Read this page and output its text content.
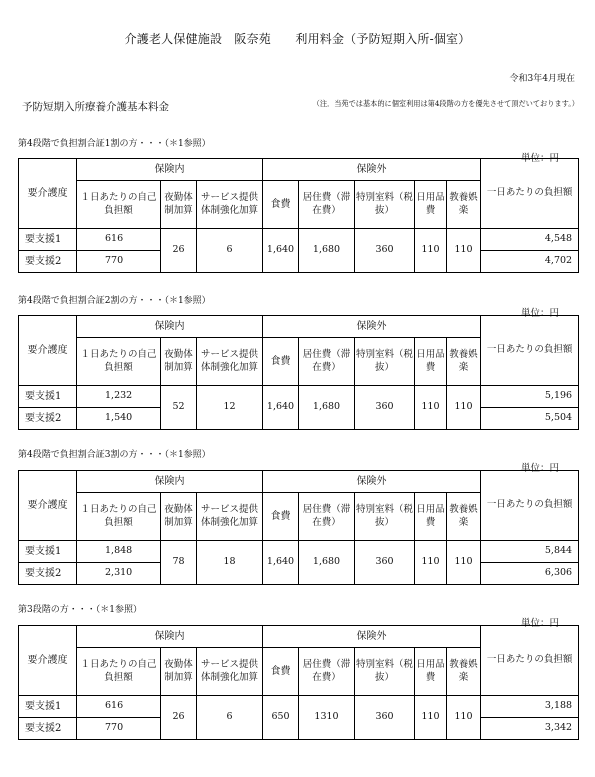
介護老人保健施設　阪奈苑　　利用料金（予防短期入所-個室）
令和3年4月現在
予防短期入所療養介護基本料金	（注．当苑では基本的に個室利用は第4段階の方を優先させて頂だいております。）
第4段階で負担割合証1割の方・・・（＊1参照）
単位：円
要介護度	保険内			保険外					一日あたりの負担額
	１日あたりの自己負担額	夜勤体制加算	サービス提供体制強化加算	食費	居住費（滞在費）	特別室料（税抜）	日用品費	教養娯楽	
要支援1	616	26	6	1,640	1,680	360	110	110	4,548
要支援2	770								4,702
第4段階で負担割合証2割の方・・・（＊1参照）
単位：円
要介護度	保険内			保険外					一日あたりの負担額
	１日あたりの自己負担額	夜勤体制加算	サービス提供体制強化加算	食費	居住費（滞在費）	特別室料（税抜）	日用品費	教養娯楽	
要支援1	1,232	52	12	1,640	1,680	360	110	110	5,196
要支援2	1,540								5,504
第4段階で負担割合証3割の方・・・（＊1参照）
単位：円
要介護度	保険内			保険外					一日あたりの負担額
	１日あたりの自己負担額	夜勤体制加算	サービス提供体制強化加算	食費	居住費（滞在費）	特別室料（税抜）	日用品費	教養娯楽	
要支援1	1,848	78	18	1,640	1,680	360	110	110	5,844
要支援2	2,310								6,306
第3段階の方・・・（＊1参照）
単位：円
要介護度	保険内			保険外					一日あたりの負担額
	１日あたりの自己負担額	夜勤体制加算	サービス提供体制強化加算	食費	居住費（滞在費）	特別室料（税抜）	日用品費	教養娯楽	
要支援1	616	26	6	650	1310	360	110	110	3,188
要支援2	770								3,342
